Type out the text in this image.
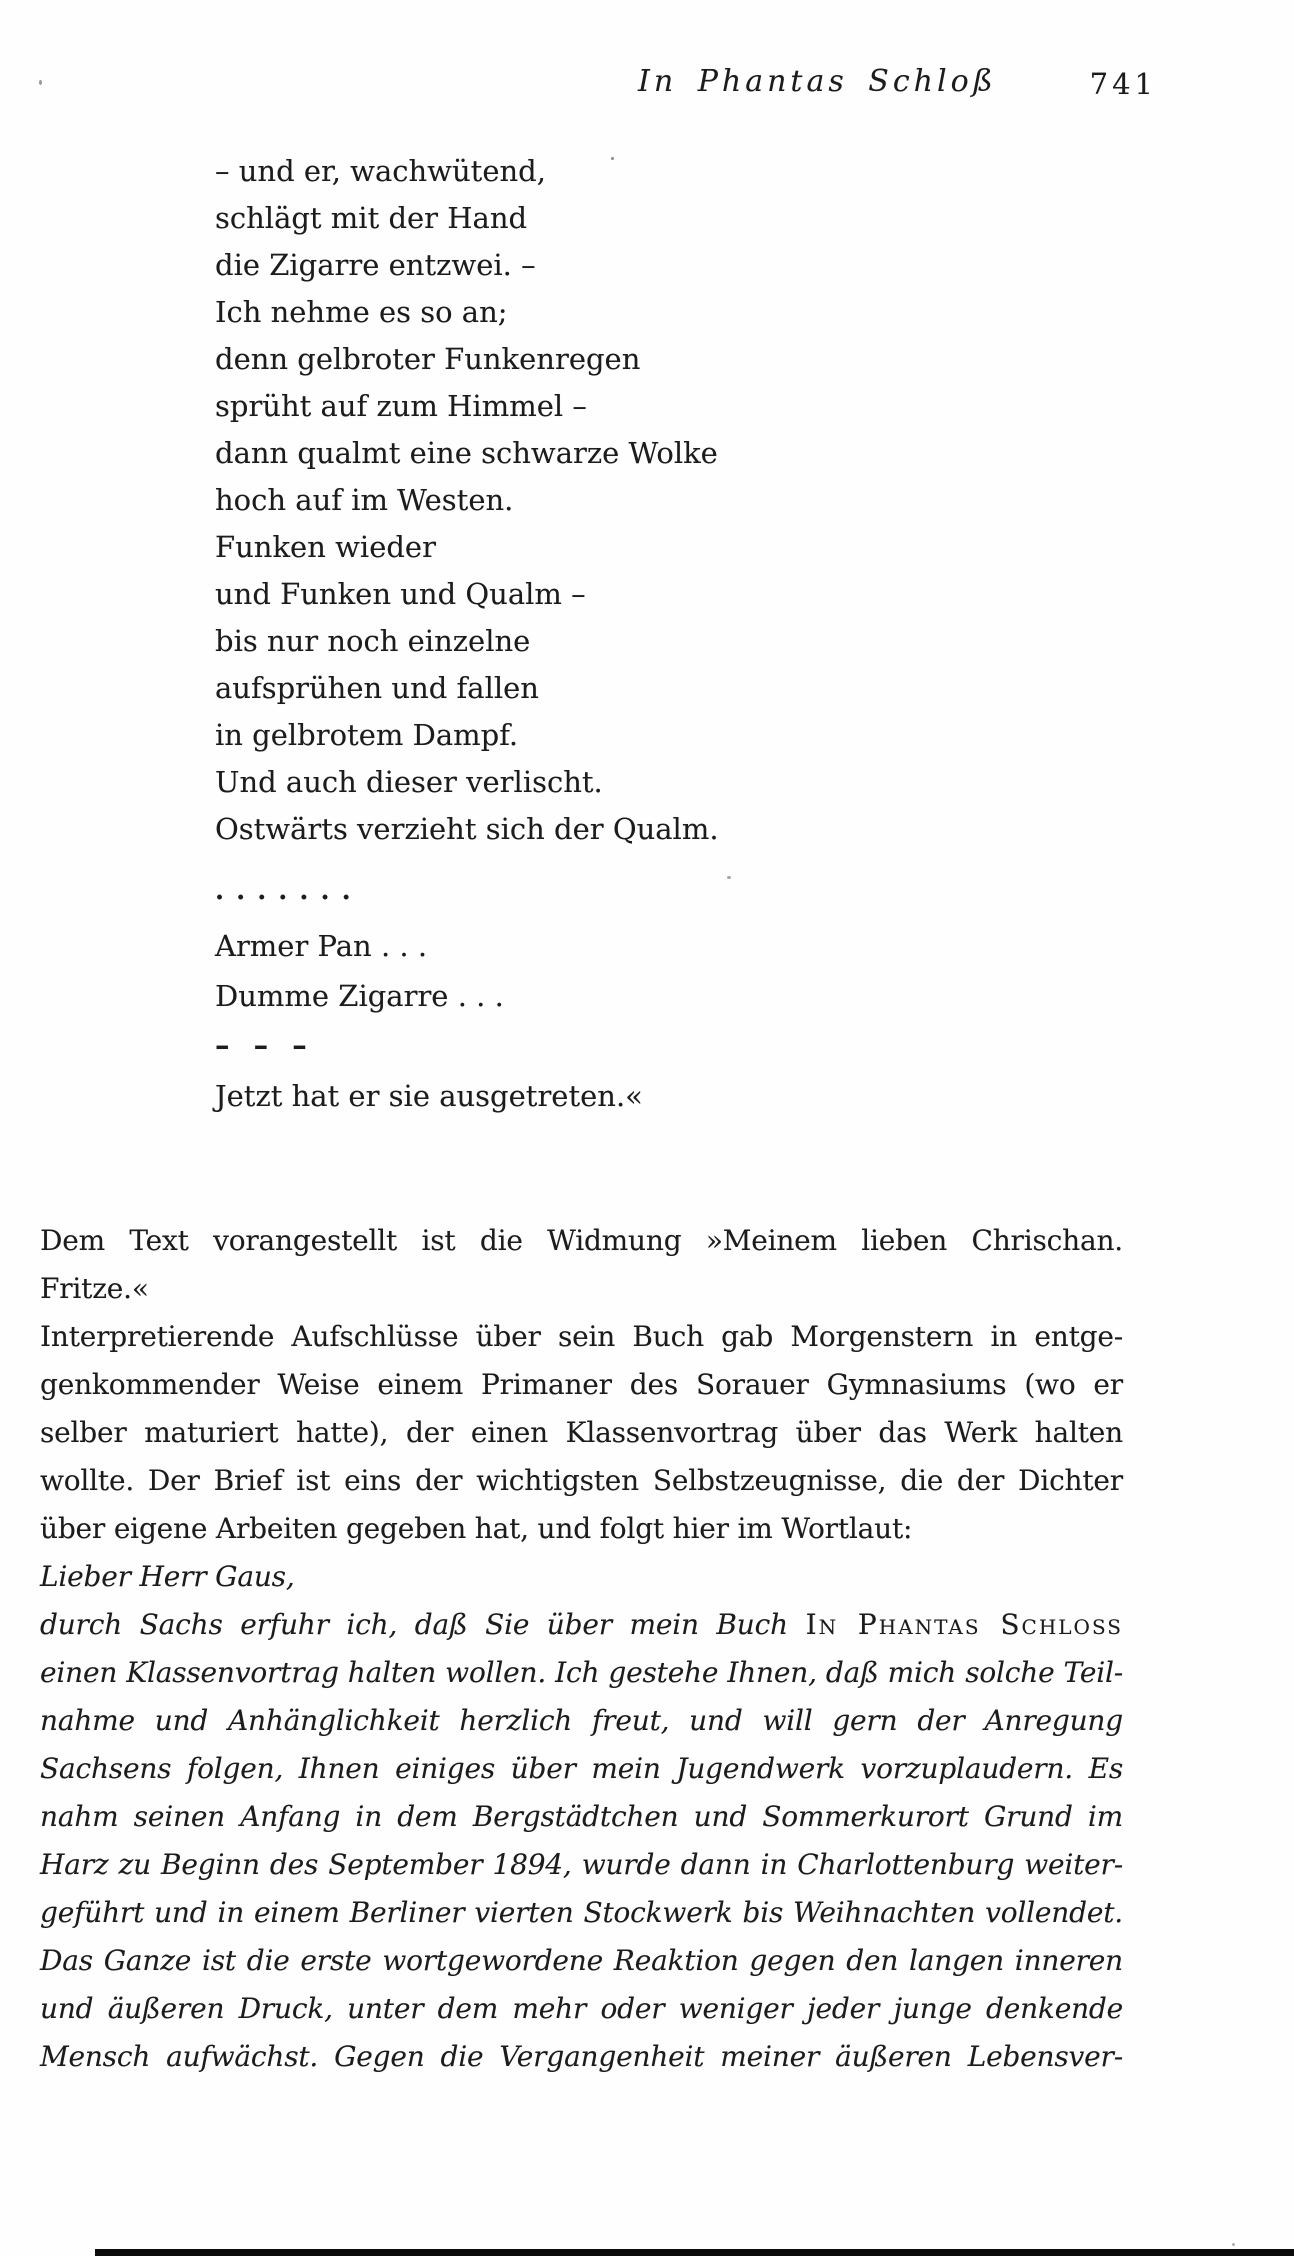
In Phantas Schloß	741
– und er, wachwütend,
schlägt mit der Hand
die Zigarre entzwei. –
Ich nehme es so an;
denn gelbroter Funkenregen
sprüht auf zum Himmel –
dann qualmt eine schwarze Wolke
hoch auf im Westen.
Funken wieder
und Funken und Qualm –
bis nur noch einzelne
aufsprühen und fallen
in gelbrotem Dampf.
Und auch dieser verlischt.
Ostwärts verzieht sich der Qualm.
. . . . . . .
Armer Pan . . .
Dumme Zigarre . . .
– – –
Jetzt hat er sie ausgetreten.«
Dem Text vorangestellt ist die Widmung »Meinem lieben Chrischan.
Fritze.«
Interpretierende Aufschlüsse über sein Buch gab Morgenstern in entge-
genkommender Weise einem Primaner des Sorauer Gymnasiums (wo er
selber maturiert hatte), der einen Klassenvortrag über das Werk halten
wollte. Der Brief ist eins der wichtigsten Selbstzeugnisse, die der Dichter
über eigene Arbeiten gegeben hat, und folgt hier im Wortlaut:
Lieber Herr Gaus,
durch Sachs erfuhr ich, daß Sie über mein Buch In Phantas Schloss
einen Klassenvortrag halten wollen. Ich gestehe Ihnen, daß mich solche Teil-
nahme und Anhänglichkeit herzlich freut, und will gern der Anregung
Sachsens folgen, Ihnen einiges über mein Jugendwerk vorzuplaudern. Es
nahm seinen Anfang in dem Bergstädtchen und Sommerkurort Grund im
Harz zu Beginn des September 1894, wurde dann in Charlottenburg weiter-
geführt und in einem Berliner vierten Stockwerk bis Weihnachten vollendet.
Das Ganze ist die erste wortgewordene Reaktion gegen den langen inneren
und äußeren Druck, unter dem mehr oder weniger jeder junge denkende
Mensch aufwächst. Gegen die Vergangenheit meiner äußeren Lebensver-
